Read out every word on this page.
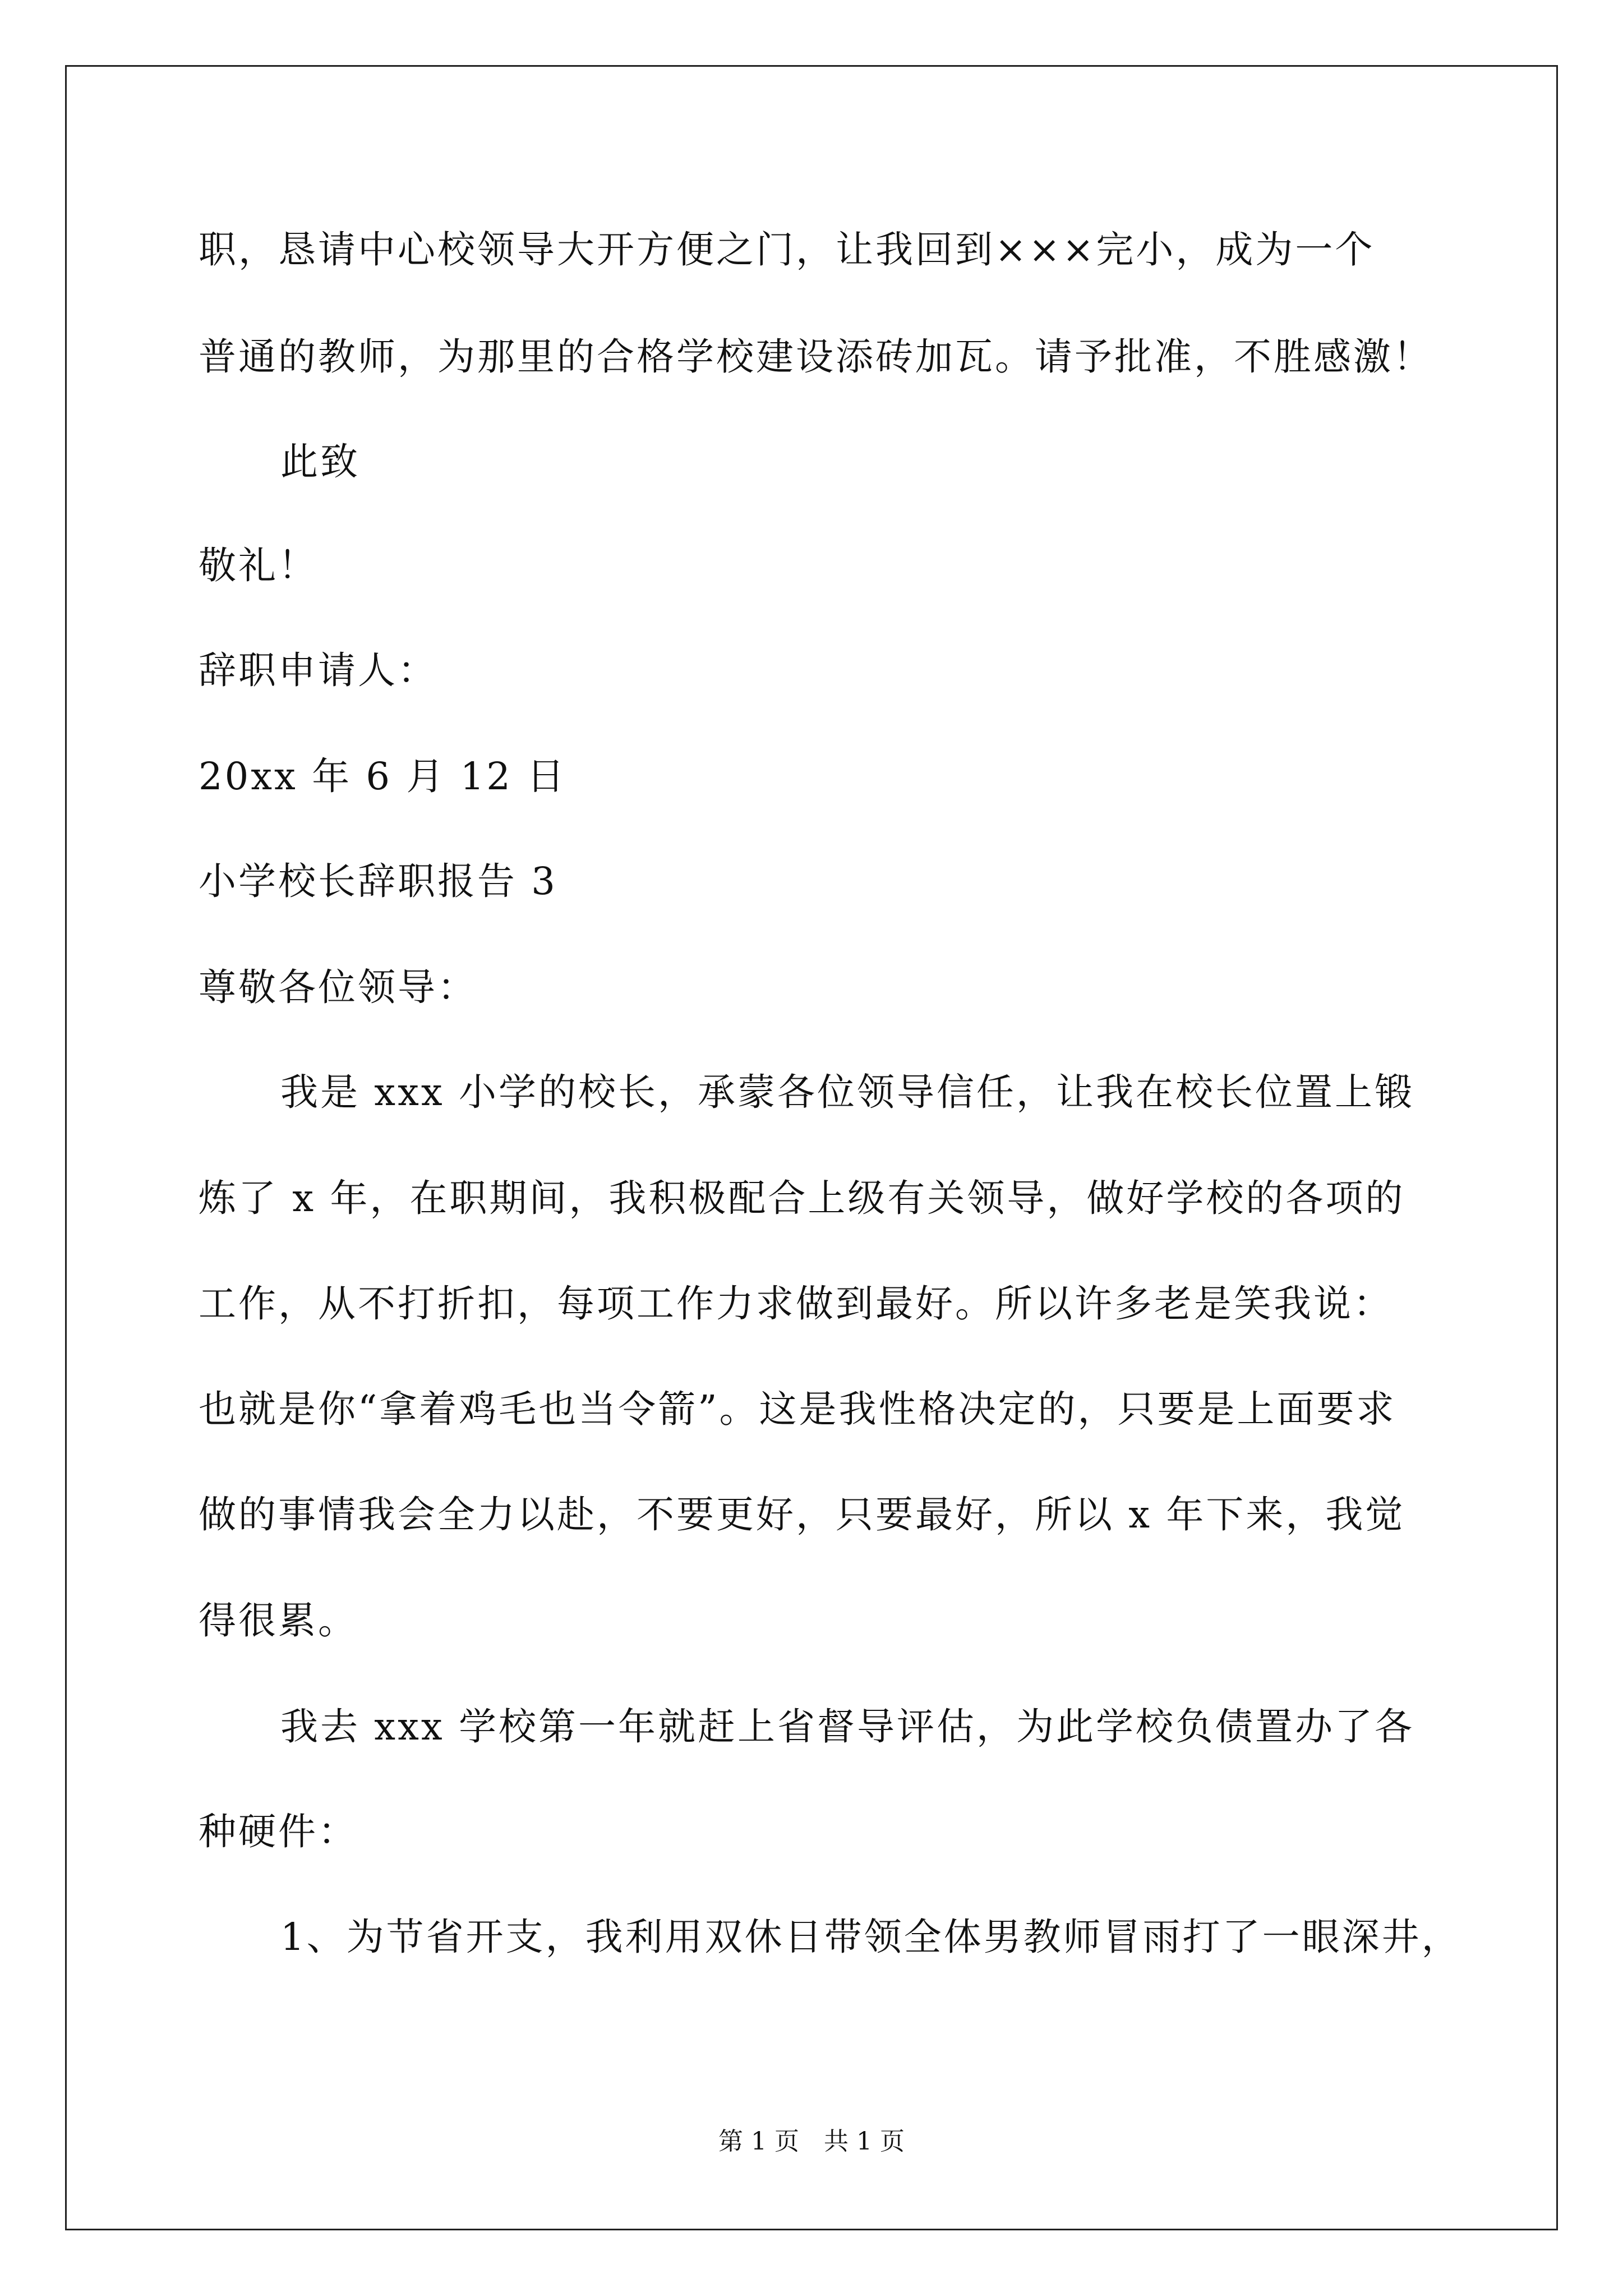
职，恳请中心校领导大开方便之门，让我回到×××完小，成为一个
普通的教师，为那里的合格学校建设添砖加瓦。请予批准，不胜感激！
此致
敬礼！
辞职申请人：
20xx 年 6 月 12 日
小学校长辞职报告 3
尊敬各位领导：
我是 xxx 小学的校长，承蒙各位领导信任，让我在校长位置上锻
炼了 x 年，在职期间，我积极配合上级有关领导，做好学校的各项的
工作，从不打折扣，每项工作力求做到最好。所以许多老是笑我说：
也就是你“拿着鸡毛也当令箭”。这是我性格决定的，只要是上面要求
做的事情我会全力以赴，不要更好，只要最好，所以 x 年下来，我觉
得很累。
我去 xxx 学校第一年就赶上省督导评估，为此学校负债置办了各
种硬件：
1、为节省开支，我利用双休日带领全体男教师冒雨打了一眼深井，
第 1 页　共 1 页
